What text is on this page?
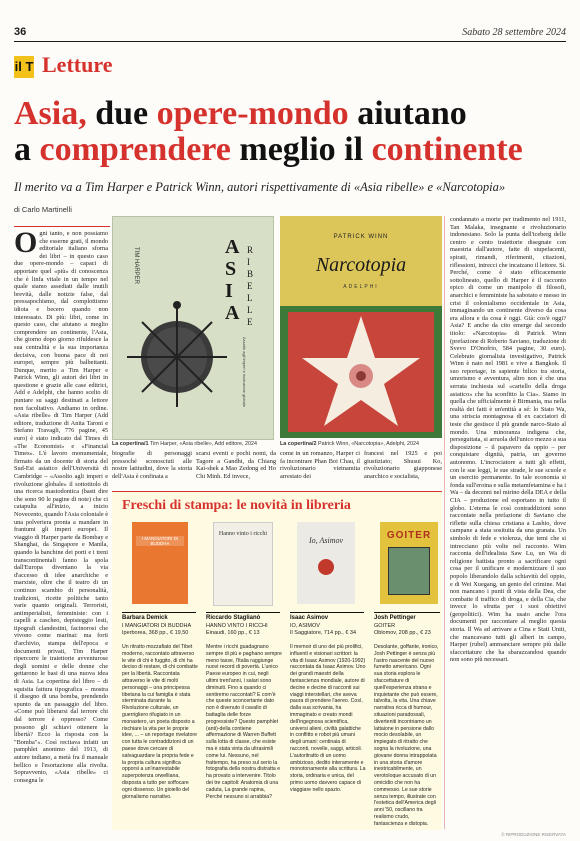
36	Sabato 28 settembre 2024
il T Letture
Asia, due opere-mondo aiutano
a comprendere meglio il continente
Il merito va a Tim Harper e Patrick Winn, autori rispettivamente di «Asia ribelle» e «Narcotopia»
di Carlo Martinelli
Ogni tanto, e non possiamo che esserne grati, il mondo editoriale italiano sforna dei libri – in questo caso due opere-mondo – capaci di apportare quel «più» di conoscenza che è linfa vitale in un tempo nel quale siamo assediati dalle inutili brevità, dalle notizie false, dal pressapochismo, dal complottismo idiota e becero quando non interessato. Di più: libri, come in questo caso, che aiutano a meglio comprendere un continente, l'Asia, che giorno dopo giorno rifuldesce la sua centralità e la sua importanza decisiva, con buona pace di noi europei, sempre più balbettanti. Dunque, merito a Tim Harper e Patrick Winn, gli autori dei libri in questione e grazie alle case editrici, Add e Adelphi, che hanno scelto di puntare su saggi destinati a lettore non facoltativo. Andiamo in ordine. «Asia ribelle» di Tim Harper (Add editore, traduzione di Anita Taroni e Stefano Travagli, 776 pagine, 45 euro) è stato indicato dal Times di «The Economist» e «Financial Times». L'è lavoro monumentale, firmato da un docente di storia del Sud-Est asiatico dell'Università di Cambridge – «Assolto agli imperi e rivoluzione globale» il sottotitolo di una ricerca mastodontica (basti dire che sono 90 le pagine di note) che ci catapulta all'inizio, a inizio Novecento, quando l'Asia coloniale è una polveriera pronta a mandare in frantumi gli imperi europei. Il viaggio di Harper parte da Bombay e Shanghai, da Singapore e Manila, quando la banchine dei porti e i treni transcontinentali fanno la spola dall'Europa diventano la via d'accesso di idee anarchiche e marxiste, oltre che il teatro di un continuo scambio di personalità, tradizioni, ricette politiche tanto varie quanto originali. Terroristi, antimperialisti, femministe: con i capelli a cascheo, depisteggio lesti, tipografi clandestini, facinorosi che vivono come marinai: ma forti d'archivio, stampa dell'epoca e documenti privati, Tim Harper ripercorre le traiettorie avventurose degli uomini e delle donne che gettarono le basi di una nuova idea di Asia. La copertina del libro – di squisita fattura tipografica – mostra il disegno di una bomba, prendendo spunto da un passaggio del libro. «Come può liberarsi dal terrore chi dal terrore è oppresso? Come possono gli schiavi ottenere la libertà? Ecco la risposta con la "Bomba"». Così recitava infatti un pamphlet anonimo del 1913, di autore indiano, a metà fra il manuale bellico e l'esortazione alla rivolta. Sopravvento, «Asia ribelle» ci consegna le
TIM HARPER	A
S
I
A
R
I
B
E
L
L
E
Assalto agli imperi e rivoluzione globale
La copertina/1 Tim Harper, «Asia ribelle», Add editore, 2024
PATRICK WINN
Narcotopia
ADELPHI
La copertina/2 Patrick Winn, «Narcotopia», Adelphi, 2024
biografie di personaggi pressoché sconosciuti alle nostre latitudini, dove la storia dell'Asia è confinata a
scarsi eventi e pochi nomi, da Tagore a Gandhi, da Chiang Kai-shek a Mao Zedong ed Ho Chi Minh. Ed invece,
come in un romanzo, Harper ci fa incontrare Phan Boi Chau, il rivoluzionario vietnamita arrestato dei
francesi nel 1925 e poi giustiziato; Shusui Ko, rivoluzionario giapponese anarchico e socialista,
condannato a morte per tradimento nel 1911, Tan Malaka, insegnante e rivoluzionario indonesiano. Solo la punta dell'iceberg delle centro e cento traiettorie disegnate con maestria dall'autore, fatte di stupefacenti, spirati, rimandi, riferimenti, citazioni, riflessioni, intrecci che incatzano il lettore. Sì. Perché, come è stato efficacemente sottolineato, quello di Harper è il racconto epico di come un manipolo di filosofi, anarchici e femministe ha sabotato e messo in crisi il colonialismo occidentale in Asia, immaginando un continente diverso da cosa era allora e da cosa è oggi. Già: cos'è oggi? Asia? E anche da cito emerge dal secondo titolo: «Narcotopia» di Patrick Winn (prefazione di Roberto Saviano, traduzione di Svevo D'Onofrio, 584 pagine, 30 euro). Celebrato giornalista investigativo, Patrick Winn è nato nel 1981 e vive a Bangkok. Il suo reportage, in sapiente bilico tra storia, umorismo e avventura, altro non è che una serrata inchiesta sul «cartello della droga asiatico» che ha sconfitto la Cia». Siamo in quella che ufficialmente è Birmania, ma nella realtà dei fatti è un'entità a sé: lo Stato Wa, una striscia montagnosa di ex cacciatori di teste che gestisce il più grande narco-Stato al mondo. Una minoranza indigena che, perseguitata, si arruola dell'unico mezzo a sua disposizione – il papavero da oppio – per conquistare dignità, patria, un governo autonomo. L'incrociatore a tutti gli effetti, con le sue leggi, le sue strade, le sue scuole e un esercito permanente. In tale economia si fonda sull'eroina e sulla metamfetamina e ha i Wa – da decenni nel mirino della DEA e della CIA – produzione ed esportano in tutto il globo. L'eterna le così contraddizioni sono raccontate nella prefazione di Saviano che riflette sulla chiesa cristiana a Lashio, dove campane a stata sosituita da una granata. Un simbolo di fede e violenza, due temi che si intrecciano più volte nel racconto. Wim racconta dell'idealista Saw Lu, un Wa di religione battista pronto a sacrificare ogni cosa per il unificare e modernizzare il suo popolo liberandolo dalla schiavitù del oppio, e di Wei Xuegang, un genio del crimine. Mai non mancano i punti di vista della Dea, che combatte il traffico di droga, e della Cia, che invece lo sfrutta per i suoi obiettivi (geopolitici). Wim ha usato anche l'ora documenti per raccontare al meglio questa storia. Il Wa ad arrivare a Cina e Stati Uniti, che mancavano tutti gli alberi in campo, Harper (rubel) ammanciare sempre più dalle sfaccettature che ha sbarazzandosi quando non sono più necessari.
Freschi di stampa: le novità in libreria
I MANGIATORI DI BUDDHA
Barbara Demick
I MANGIATORI DI BUDDHA
Iperborea, 368 pp., € 19,50
Un ritratto mozzafiato del Tibet moderno, raccontato attraverso le vite di chi è fuggito, di chi ha deciso di restare, di chi combatte per la libertà. Raccontata attraverso le vite di molti personaggi – una principessa tibetana la cui famiglia è stata sterminata durante la Rivoluzione culturale, un guerrigliero rifugiato in un monastero, un poeta disposto a rischiare la vita per le proprie idee, ... – un reportage rivelatore con tutta le contraddizioni di un paese dove cercare di salvaguardare la propria fede e la propria cultura significa opporsi a un'inarrestabile superpotenza orwelliana, disposta a tutto per soffocare ogni dissenso. Un gioiello del giornalismo narrativo.
Hanno vinto i ricchi
Riccardo Staglianò
HANNO VINTO I RICCHI
Einaudi, 160 pp., € 13
Mentre i ricchi guadagnano sempre di più e paghano sempre meno tasse, l'Italia raggiunge nuovi record di povertà. L'unico Paese europeo in cui, negli ultimi trent'anni, i salari sono diminuiti. Fino a quando ci sentiremo raccontati? E com'è che queste sconcertante dato non è divenuto il cavallo di battaglia delle forze progressiste? Questo pamphlet (anti)-della contiene affermazione di Warren Buffett sulla lotta di classe, che esiste ma è stata vinta da ultrasimili come lui. Nessuno, nel frattempo, ha preso sul serio la fotografia della nostra distratta e ha provato a intervenire. Titolo dei tre capitoli: Anatomia di una caduta, La grande rapina, Perché nessuno si arrabbia?
Io, Asimov
Isaac Asimov
IO, ASIMOV
Il Saggiatore, 714 pp., € 34
Il memoir di uno dei più prolifici, influenti e visionari scrittori: la vita di Isaac Asimov (1920-1992) raccontata da Isaac Asimov. Uno dei grandi maestri della fantascienza mondiale, autore di decine e decine di racconti sui viaggi interstellari, che aveva paura di prendere l'aereo. Così, dalla sua scrivania, ha immaginato e creato mondi dell'ingegnosa scientifica, universi alieni, civiltà galattiche in conflitto e robot più umani degli umani: centinaia di racconti, novelle, saggi, articoli. L'autoritratto di un uomo ambizioso, dedito interamente e monotonamente alla scrittura. La storia, ordinaria e unica, del primo uomo davvero capace di viaggiare nello spazio.
GOITER
Josh Pettinger
GOITER
Oblomov, 208 pp., € 23
Desolante, goffante, ironico, Josh Pettinger è senza più l'astro nascente del nuovo fumetto americano. Ogni sua storia esplora le sfaccettature di quell'esperienza strana e inquietante che può essere, talvolta, la vita. Una chiave narrativa ricca di humour, situazioni paradossali, diverteniti incontriamo un lattaione in pensione dallo mocio desolabile, un impiegato di ritratto che sogna la rivoluzione, una giovane donna intrappolata in una storia d'amore inestricabilmente, un verotoloque accusato di un omicidio che non ha commesso. Le sue storie senza tempo, illustrate con l'estetica dell'America degli anni '50, oscillano tra realismo crudo, fantascienza e distopia.
© RIPRODUZIONE RISERVATA
